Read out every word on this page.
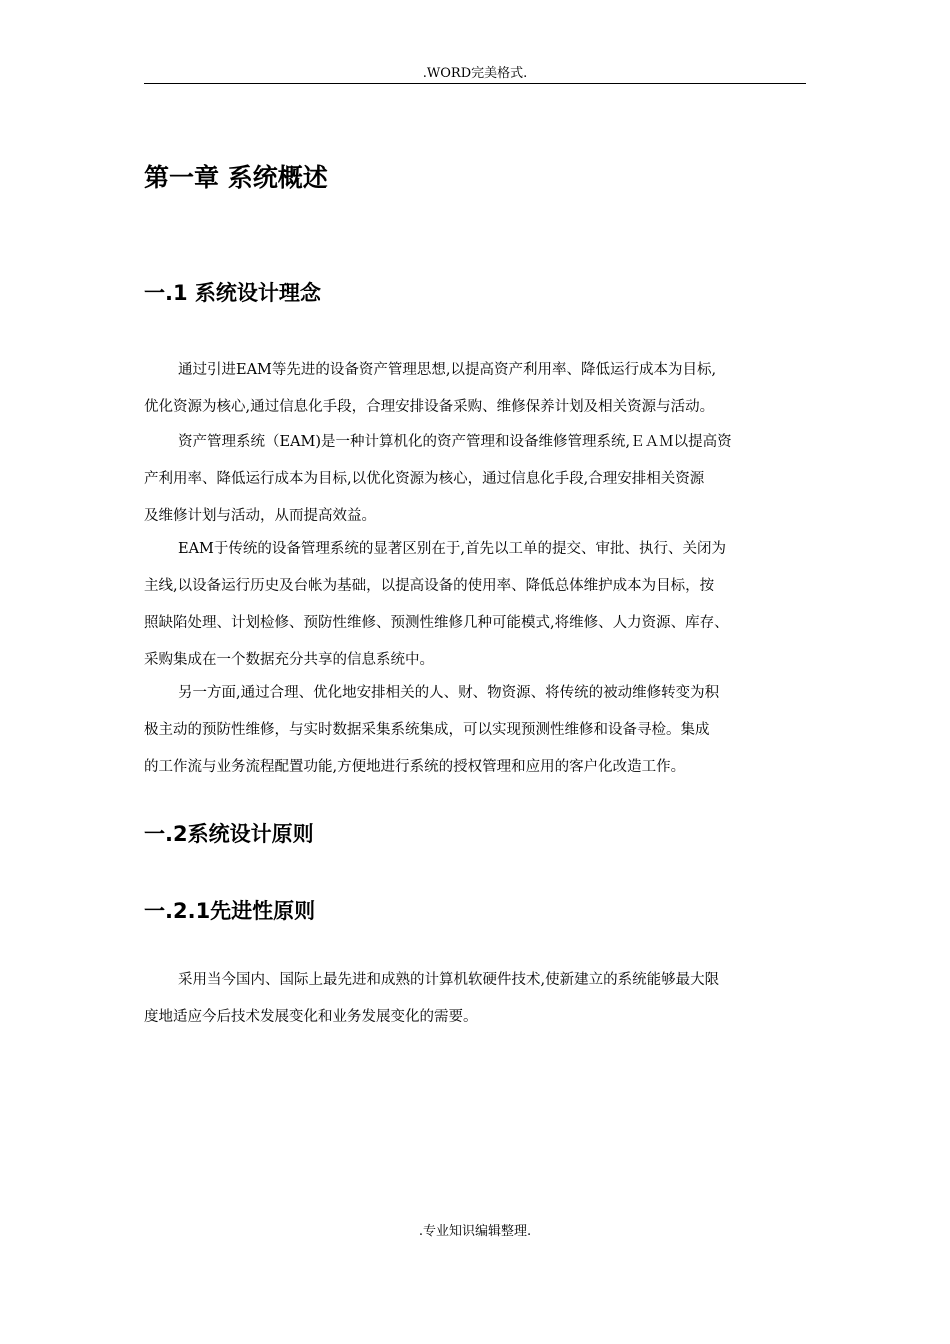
.WORD完美格式.
第一章 系统概述
一.1 系统设计理念
通过引进EAM等先进的设备资产管理思想,以提高资产利用率、降低运行成本为目标,
优化资源为核心,通过信息化手段，合理安排设备采购、维修保养计划及相关资源与活动。
资产管理系统（EAM)是一种计算机化的资产管理和设备维修管理系统,ＥＡＭ以提高资
产利用率、降低运行成本为目标,以优化资源为核心，通过信息化手段,合理安排相关资源
及维修计划与活动，从而提高效益。
EAM于传统的设备管理系统的显著区别在于,首先以工单的提交、审批、执行、关闭为
主线,以设备运行历史及台帐为基础，以提高设备的使用率、降低总体维护成本为目标，按
照缺陷处理、计划检修、预防性维修、预测性维修几种可能模式,将维修、人力资源、库存、
采购集成在一个数据充分共享的信息系统中。
另一方面,通过合理、优化地安排相关的人、财、物资源、将传统的被动维修转变为积
极主动的预防性维修，与实时数据采集系统集成，可以实现预测性维修和设备寻检。集成
的工作流与业务流程配置功能,方便地进行系统的授权管理和应用的客户化改造工作。
一.2系统设计原则
一.2.1先进性原则
采用当今国内、国际上最先进和成熟的计算机软硬件技术,使新建立的系统能够最大限
度地适应今后技术发展变化和业务发展变化的需要。
.专业知识编辑整理.
